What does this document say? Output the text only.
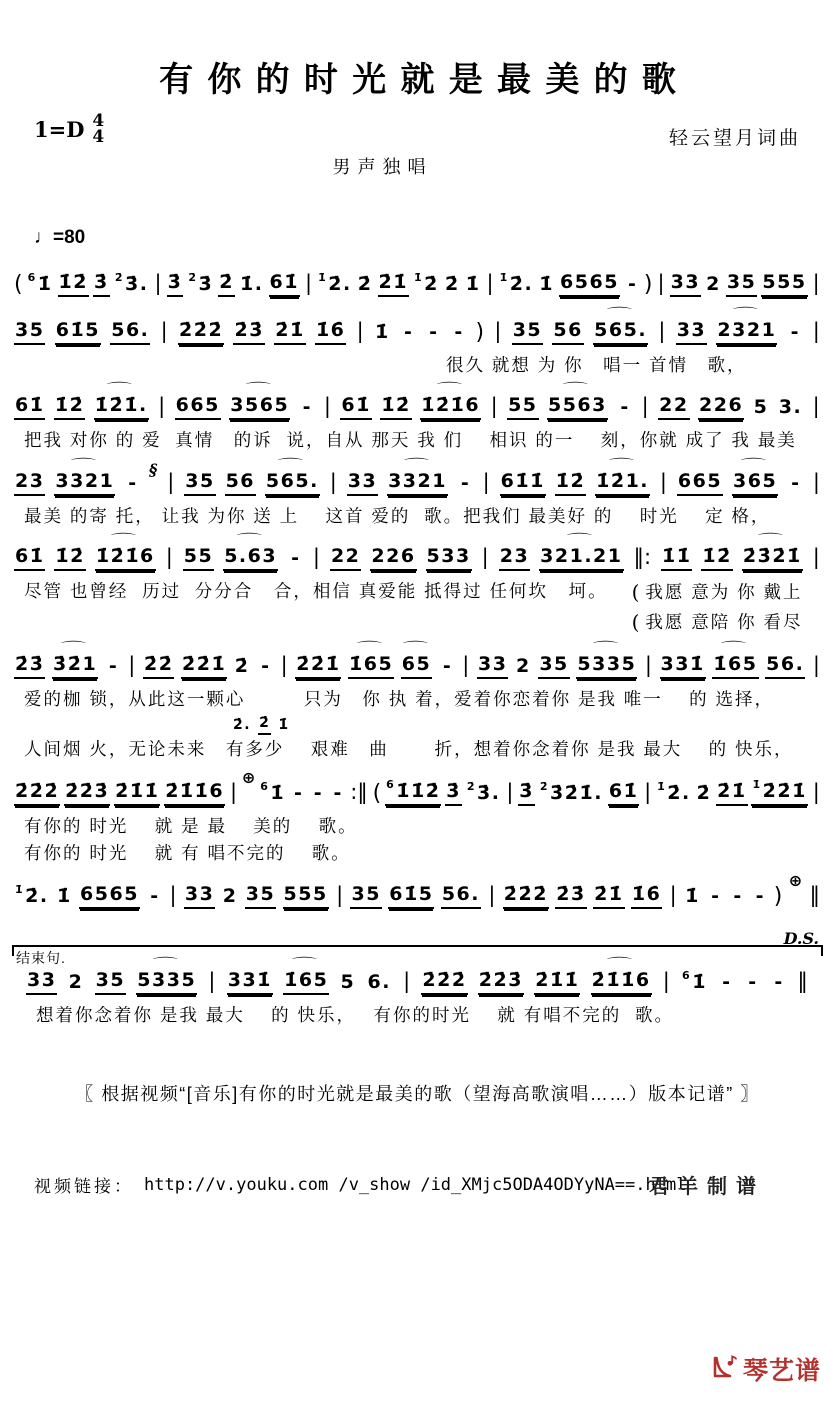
有你的时光就是最美的歌
1=D 4
4	轻云望月词曲
男声独唱
♩=80
( $^6$1̇ 1̇2̇ 3̇ $^{2̇}$3̇. | 3̇ $^{2̇}$3̇ 2̇ 1̇. 61̇ | $^{1̇}$2̇. 2̇ 2̇1̇ $^{1̇}$2̇ 2̇ 1̇ | $^{1̇}$2̇. 1̇ 6565 - ) | 33 2 35 555 |
35 61̇5 56. | 2̇2̇2̇ 2̇3̇ 2̇1̇ 1̇6̇ | 1̇ - - - ) | 35 56 ⌒ 565. | 33 ⌒ 2321 - |
很久 就想 为 你　唱一 首情　歌，
61̇ 1̇2̇ ⌒ 1̇2̇1̇. | 665 ⌒ 3565 - | 61̇ 1̇2̇ ⌒ 1̇2̇1̇6 | 55 ⌒ 5563 - | 22 226 5 3. |
把我 对你 的 爱  真情　的诉  说，自从 那天 我 们　 相识 的一　 刻，你就 成了 我 最美
23 ⌒ 3321 -
§
| 35 56 ⌒ 565. | 33 ⌒ 3321 - | 61̇1̇ 1̇2̇ ⌒ 1̇2̇1. | 665 ⌒ 365 - |
最美 的寄 托， 让我 为你 送 上　 这首 爱的  歌。把我们 最美好 的　 时光　 定 格，
61̇ 1̇2̇ ⌒ 1̇2̇1̇6 | 55 ⌒ 5.63 - | 22 226 533 | 23 ⌒ 321.21 ‖: 1̇1̇ 1̇2̇ ⌒ 2̇3̇2̇1̇ |
尽管 也曾经  历过  分分合   合，相信 真爱能 抵得过 任何坎   坷。	( 我愿 意为 你 戴上
( 我愿 意陪 你 看尽
2̇3̇ ⌒ 3̇2̇1 - | 2̇2̇ 2̇2̇1̇ 2̇ - | 2̇2̇1̇ ⌒ 1̇65 ⌒ 65 - | 33 2 35 ⌒ 5335 | 331̇ ⌒ 1̇65 56. |
爱的枷 锁，从此这一颗心　　　只为　你 执 着，爱着你恋着你 是我 唯一　 的 选择，
2̇. 2̇ 1̇
人间烟 火，无论未来　有多少　 艰难　曲　　 折，想着你念着你 是我 最大　 的 快乐，
2̇2̇2̇ 2̇2̇3̇ 2̇1̇1̇ 2̇1̇1̇6 |
⊕ $^6$1̇ - - - :‖ ( $^6$1̇1̇2̇ 3̇ $^{2̇}$3̇. | 3̇ $^{2̇}$3̇2̇1̇. 61̇ | $^{1̇}$2̇. 2̇ 2̇1̇ $^{1̇}$2̇2̇1̇ |
有你的 时光　 就 是 最　 美的　 歌。
有你的 时光　 就 有 唱不完的　 歌。
$^{1̇}$2̇. 1̇ 6565 - | 33 2 35 555 | 35 61̇5 56. | 2̇2̇2̇ 2̇3̇ 2̇1̇ 1̇6̇ | 1̇ - - - )
⊕
‖
D.S.
结束句.
33 2 35 ⌒ 5335 | 331̇ ⌒ 1̇65 5 6. | 2̇2̇2̇ 2̇2̇3̇ 2̇1̇1̇ ⌒ 2̇1̇1̇6 | $^6$1̇ - - - ‖
想着你念着你 是我 最大　 的 快乐，　 有你的时光　 就 有唱不完的  歌。
〖 根据视频“[音乐]有你的时光就是最美的歌（望海高歌演唱……）版本记谱” 〗
视频链接： http://v.youku.com /v_show /id_XMjc5ODA4ODYyNA==.html
君羊制谱
琴艺谱
